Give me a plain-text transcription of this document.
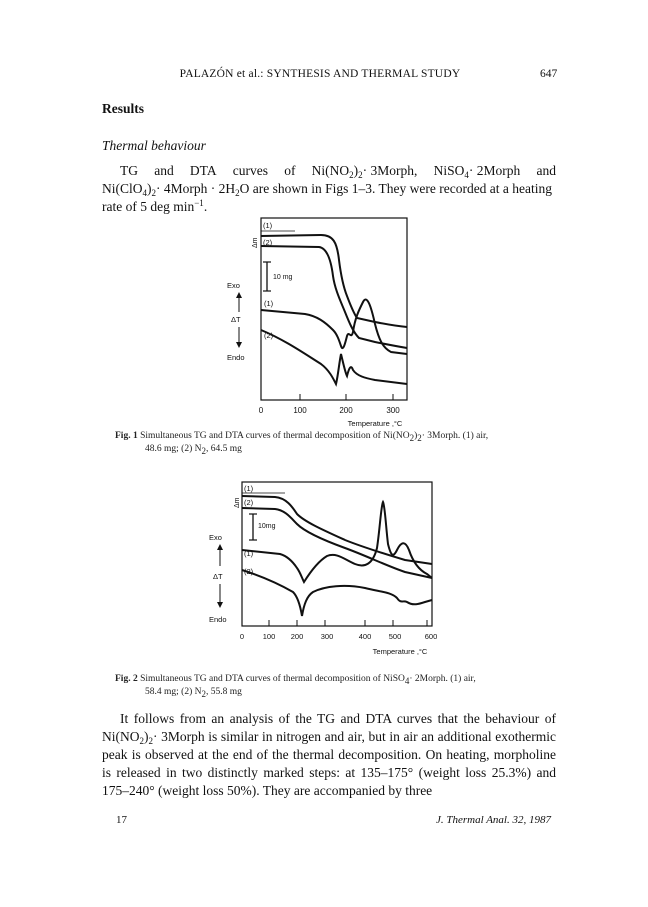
PALAZÓN et al.: SYNTHESIS AND THERMAL STUDY	647
Results
Thermal behaviour
TG and DTA curves of $Ni(NO_2)_2\cdot$ 3Morph, NiSO$_4$· 2Morph and
$Ni(ClO_4)_2\cdot$ 4Morph · $2H_2O$ are shown in Figs 1–3. They were recorded at a heating
rate of 5 deg $\min^{-1}$.
0	100	200	300
Temperature ,°C
(1)
(2)
(1)
(2)
Δm
10 mg
Exo
ΔT
Endo
Fig. 1 Simultaneous TG and DTA curves of thermal decomposition of $Ni(NO_2)_2\cdot$ 3Morph. (1) air,
48.6 mg; (2) $N_2$, 64.5 mg
0 100 200 300	400 500	600
Temperature ,°C
(1)
(2)
(1)
(2)
Δm
10mg
Exo
ΔT
Endo
Fig. 2 Simultaneous TG and DTA curves of thermal decomposition of NiSO$_4$· 2Morph. (1) air,
58.4 mg; (2) $N_2$, 55.8 mg
It follows from an analysis of the TG and DTA curves that the behaviour of $Ni(NO_2)_2\cdot$ 3Morph is similar in nitrogen and air, but in air an additional exothermic peak is observed at the end of the thermal decomposition. On heating, morpholine is released in two distinctly marked steps: at 135–175° (weight loss 25.3%) and 175–240° (weight loss 50%). They are accompanied by three
17	J. Thermal Anal. 32, 1987
